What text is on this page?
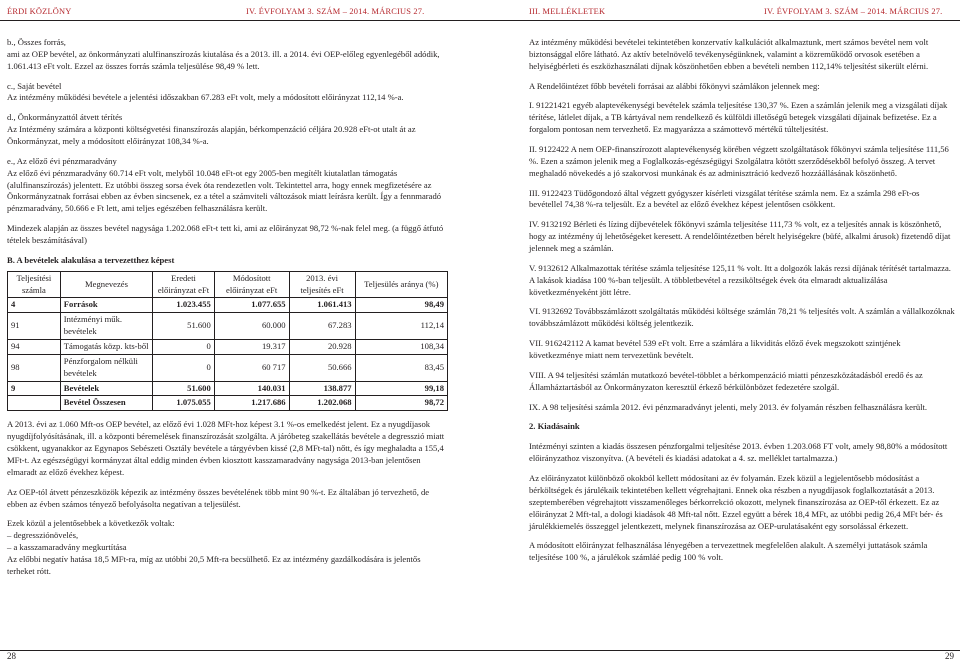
ÉRDI KÖZLÖNY	IV. ÉVFOLYAM 3. SZÁM – 2014. MÁRCIUS 27.	III. MELLÉKLETEK	IV. ÉVFOLYAM 3. SZÁM – 2014. MÁRCIUS 27.
b., Összes forrás,
ami az OEP bevétel, az önkormányzati alulfinanszírozás kiutalása és a 2013. ill. a 2014. évi OEP-előleg egyenlegéből adódik, 1.061.413 eFt volt. Ezzel az összes forrás számla teljesülése 98,49 % lett.
c., Saját bevétel
Az intézmény működési bevétele a jelentési időszakban 67.283 eFt volt, mely a módosított előirányzat 112,14 %-a.
d., Önkormányzattól átvett térítés
Az Intézmény számára a központi költségvetési finanszírozás alapján, bérkompenzáció céljára 20.928 eFt-ot utalt át az Önkormányzat, mely a módosított előirányzat 108,34 %-a.
e., Az előző évi pénzmaradvány
Az előző évi pénzmaradvány 60.714 eFt volt, melyből 10.048 eFt-ot egy 2005-ben megítélt kiutalatlan támogatás (alulfinanszírozás) jelentett. Ez utóbbi összeg sorsa évek óta rendezetlen volt. Tekintettel arra, hogy ennek megfizetésére az Önkormányzatnak forrásai ebben az évben sincsenek, ez a tétel a számviteli változások miatt leírásra került. Így a fennmaradó pénzmaradvány, 50.666 e Ft lett, ami teljes egészében felhasználásra került.

Mindezek alapján az összes bevétel nagysága 1.202.068 eFt-t tett ki, ami az előirányzat 98,72 %-nak felel meg. (a függő átfutó tételek beszámításával)

B. A bevételek alakulása a tervezetthez képest
Teljesítési számla	Megnevezés	Eredeti előirányzat eFt	Módosított előirányzat eFt	2013. évi teljesítés eFt	Teljesülés aránya (%)
4	Források	1.023.455	1.077.655	1.061.413	98,49
91	Intézményi műk. bevételek	51.600	60.000	67.283	112,14
94	Támogatás közp. kts-ből	0	19.317	20.928	108,34
98	Pénzforgalom nélküli bevételek	0	60 717	50.666	83,45
9	Bevételek	51.600	140.031	138.877	99,18
	Bevétel Összesen	1.075.055	1.217.686	1.202.068	98,72

A 2013. évi az 1.060 Mft-os OEP bevétel, az előző évi 1.028 MFt-hoz képest 3.1 %-os emelkedést jelent. Ez a nyugdíjasok nyugdíjfolyósításának, ill. a központi béremelések finanszírozását szolgálta. A járóbeteg szakellátás bevétele a degresszió miatt csökkent, ugyanakkor az Egynapos Sebészeti Osztály bevétele a tárgyévben kissé (2,8 MFt-tal) nőtt, és így meghaladta a 155,4 MFt-t. Az egészségügyi kormányzat által eddig minden évben kiosztott kasszamaradvány nagysága 2013-ban jelentősen elmaradt az előző évekhez képest.

Az OEP-tól átvett pénzeszközök képezik az intézmény összes bevételének több mint 90 %-t. Ez általában jó tervezhető, de ebben az évben számos tényező befolyásolta negatívan a teljesülést.

Ezek közül a jelentősebbek a következők voltak:
– degressziónövelés,
– a kasszamaradvány megkurtítása

Az előbbi negatív hatása 18,5 MFt-ra, míg az utóbbi 20,5 Mft-ra becsülhető. Ez az intézmény gazdálkodására is jelentős terheket rótt.

Az intézmény működési bevételei tekintetében konzervatív kalkulációt alkalmaztunk, mert számos bevétel nem volt biztonsággal előre látható. Az aktív betelnövelő tevékenységünknek, valamint a közreműködő orvosok esetében a helyiségbérleti és eszközhasználati díjnak köszönhetően ebben a bevételi nemben 112,14% teljesítést sikerült elérni.

A Rendelőintézet főbb bevételi forrásai az alábbi főkönyvi számlákon jelennek meg:

I. 91221421 egyéb alaptevékenységi bevételek számla teljesítése 130,37 %. Ezen a számlán jelenik meg a vizsgálati díjak térítése, látlelet díjak, a TB kártyával nem rendelkező és külföldi illetőségű betegek vizsgálati díjainak befizetése. Ez a forgalom pontosan nem tervezhető. Ez magyarázza a számottevő mértékű túlteljesítést.

II. 9122422 A nem OEP-finanszírozott alaptevékenység körében végzett szolgáltatások főkönyvi számla teljesítése 111,56 %. Ezen a számon jelenik meg a Foglalkozás-egészségügyi Szolgálatra kötött szerződésekből befolyó összeg. A tervet meghaladó növekedés a jó szakorvosi munkának és az adminisztráció kedvező hozzáállásának köszönhető.

III. 9122423 Tüdőgondozó által végzett gyógyszer kísérleti vizsgálat térítése számla nem. Ez a számla 298 eFt-os bevétellel 74,38 %-ra teljesült. Ez a bevétel az előző évekhez képest jelentősen csökkent.

IV. 9132192 Bérleti és lízing díjbevételek főkönyvi számla teljesítése 111,73 % volt, ez a teljesítés annak is köszönhető, hogy az intézmény új lehetőségeket keresett. A rendelőintézetben bérelt helyiségekre (büfé, alkalmi árusok) fizetendő díjat jelennek meg a számlán.

V. 9132612 Alkalmazottak térítése számla teljesítése 125,11 % volt. Itt a dolgozók lakás rezsi díjának térítését tartalmazza. A lakások kiadása 100 %-ban teljesült. A többletbevétel a rezsiköltségek évek óta elmaradt aktualizálása következményeként jött létre.

VI. 9132692 Továbbszámlázott szolgáltatás működési költsége számlán 78,21 % teljesítés volt. A számlán a vállalkozóknak továbbszámlázott működési költség jelentkezik.

VII. 916242112 A kamat bevétel 539 eFt volt. Erre a számlára a likviditás előző évek megszokott szintjének következménye miatt nem tervezetünk bevételt.

VIII. A 94 teljesítési számlán mutatkozó bevétel-többlet a bérkompenzáció miatti pénzeszközátadásból eredő és az Államháztartásból az Önkormányzaton keresztül érkező bérkülönbözet fedezetére szolgál.

IX. A 98 teljesítési számla 2012. évi pénzmaradványt jelenti, mely 2013. év folyamán részben felhasználásra került.

2. Kiadásaink

Intézményi szinten a kiadás összesen pénzforgalmi teljesítése 2013. évben 1.203.068 FT volt, amely 98,80% a módosított előirányzathoz viszonyítva. (A bevételi és kiadási adatokat a 4. sz. melléklet tartalmazza.)

Az előirányzatot különböző okokból kellett módosítani az év folyamán. Ezek közül a legjelentősebb módosítást a bérköltségek és járulékaik tekintetében kellett végrehajtani. Ennek oka részben a nyugdíjasok foglalkoztatását a 2013. szeptemberében végrehajtott visszamenőleges bérkorrekció okozott, melynek finanszírozása az OEP-től érkezett. Ez az előirányzat 2 Mft-tal, a dologi kiadások 48 Mft-tal nőtt. Ezzel együtt a bérek 18,4 MFt, az utóbbi pedig 26,4 MFt bér- és járulékkiemelés összeggel jelentkezett, melynek finanszírozása az OEP-urulatásaként egy sorsolással érkezett.

A módosított előirányzat felhasználása lényegében a tervezettnek megfelelően alakult. A személyi juttatások számla teljesítése 100 %, a járulékok számláé pedig 100 % volt.

28	29
